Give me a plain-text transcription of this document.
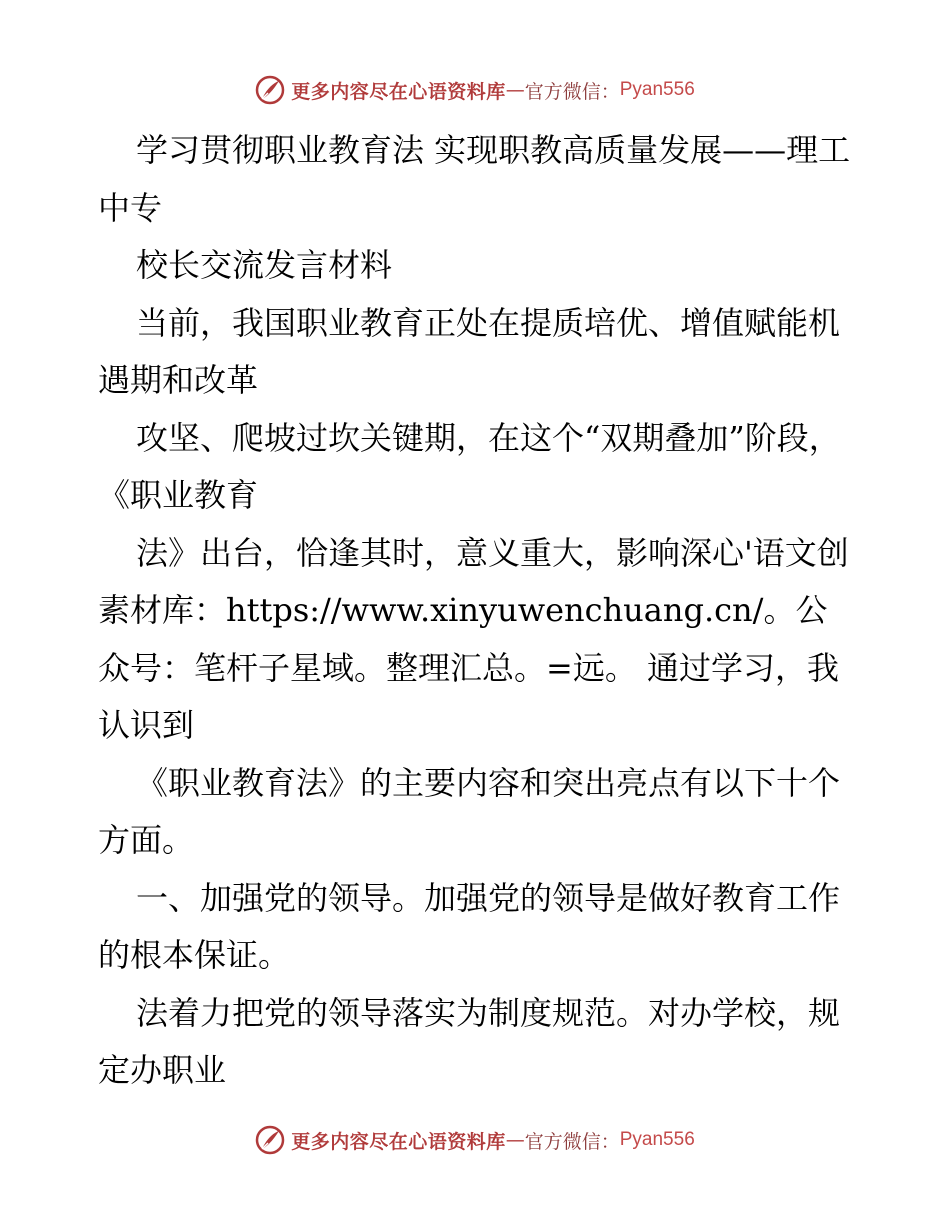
更多内容尽在心语资料库 — 官方微信： Pyan556

学习贯彻职业教育法 实现职教高质量发展——理工中专

校长交流发言材料

当前，我国职业教育正处在提质培优、增值赋能机遇期和改革

攻坚、爬坡过坎关键期，在这个“双期叠加”阶段，《职业教育

法》出台，恰逢其时，意义重大，影响深心'语文创素材库：https://www.xinyuwenchuang.cn/。公众号：笔杆子星域。整理汇总。=远。 通过学习，我认识到

《职业教育法》的主要内容和突出亮点有以下十个方面。

一、加强党的领导。加强党的领导是做好教育工作的根本保证。

法着力把党的领导落实为制度规范。对办学校，规定办职业

更多内容尽在心语资料库 — 官方微信： Pyan556
